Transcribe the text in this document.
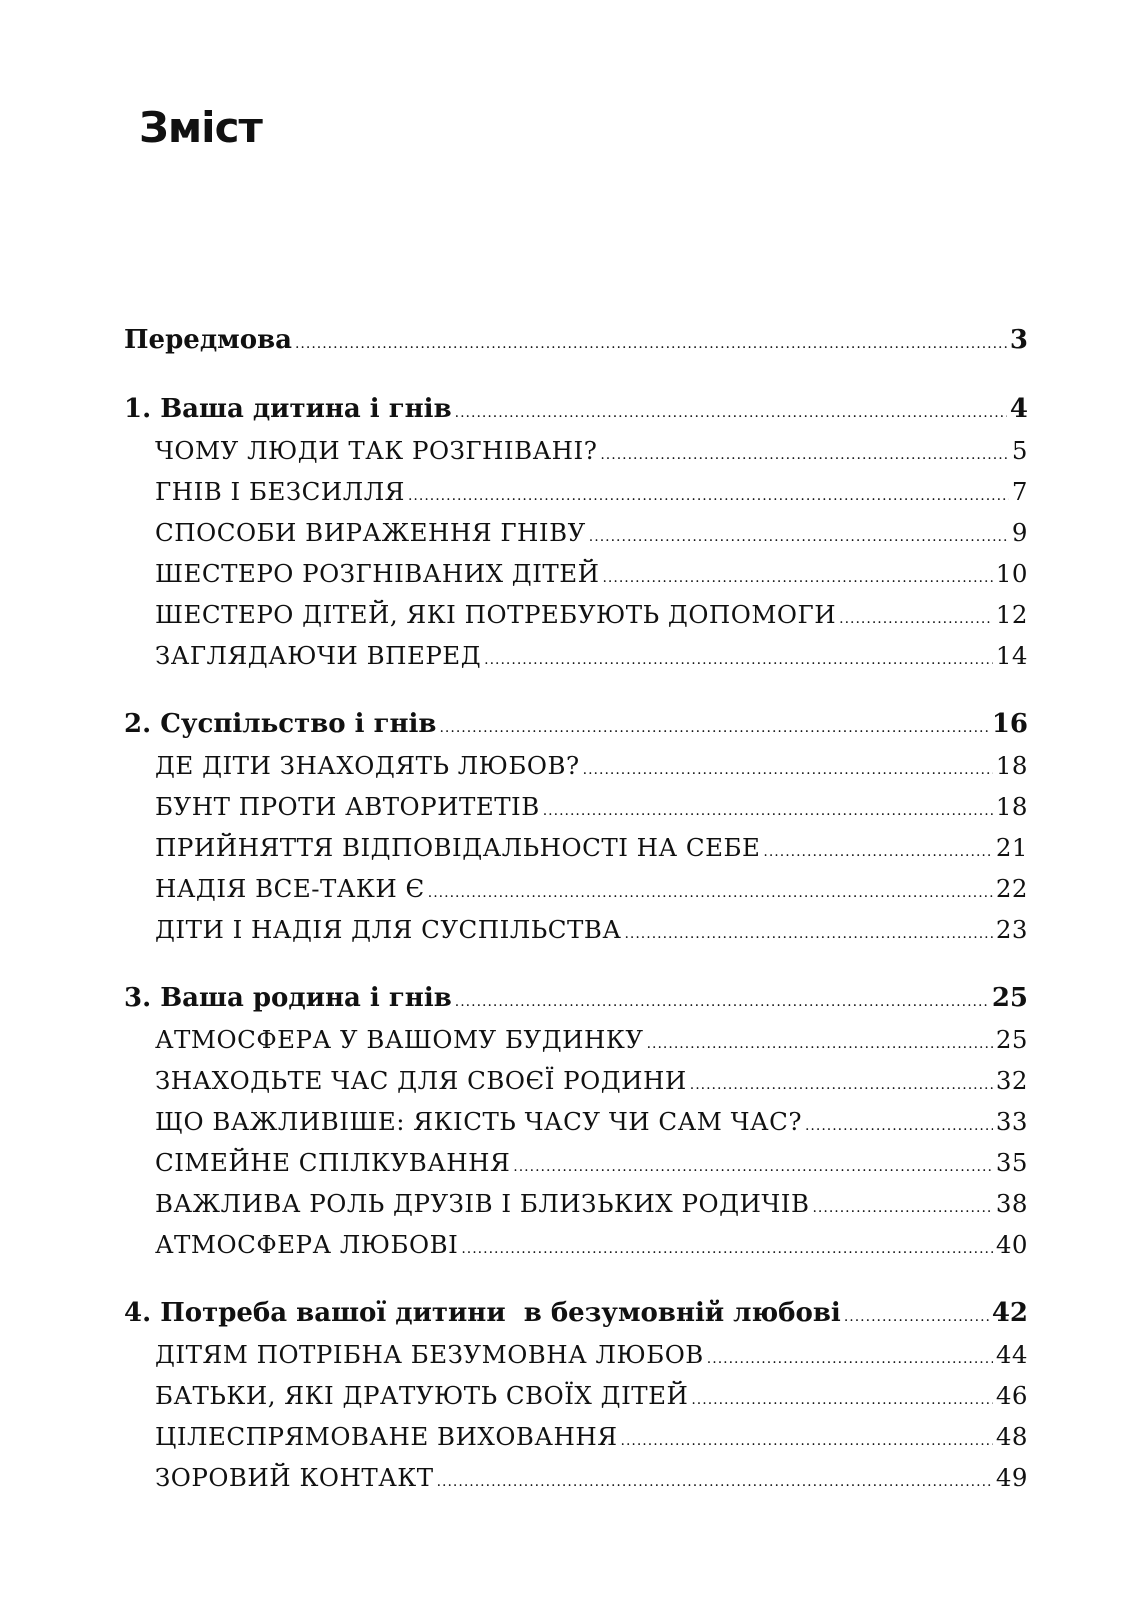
Зміст
Передмова .....	3
1. Ваша дитина і гнів .....	4
ЧОМУ ЛЮДИ ТАК РОЗГНІВАНІ? .....	5
ГНІВ І БЕЗСИЛЛЯ .....	7
СПОСОБИ ВИРАЖЕННЯ ГНІВУ .....	9
ШЕСТЕРО РОЗГНІВАНИХ ДІТЕЙ .....	10
ШЕСТЕРО ДІТЕЙ, ЯКІ ПОТРЕБУЮТЬ ДОПОМОГИ .....	12
ЗАГЛЯДАЮЧИ ВПЕРЕД .....	14
2. Суспільство і гнів .....	16
ДЕ ДІТИ ЗНАХОДЯТЬ ЛЮБОВ? .....	18
БУНТ ПРОТИ АВТОРИТЕТІВ .....	18
ПРИЙНЯТТЯ ВІДПОВІДАЛЬНОСТІ НА СЕБЕ .....	21
НАДІЯ ВСЕ-ТАКИ Є .....	22
ДІТИ І НАДІЯ ДЛЯ СУСПІЛЬСТВА .....	23
3. Ваша родина і гнів .....	25
АТМОСФЕРА У ВАШОМУ БУДИНКУ .....	25
ЗНАХОДЬТЕ ЧАС ДЛЯ СВОЄЇ РОДИНИ .....	32
ЩО ВАЖЛИВІШЕ: ЯКІСТЬ ЧАСУ ЧИ САМ ЧАС? .....	33
СІМЕЙНЕ СПІЛКУВАННЯ .....	35
ВАЖЛИВА РОЛЬ ДРУЗІВ І БЛИЗЬКИХ РОДИЧІВ .....	38
АТМОСФЕРА ЛЮБОВІ .....	40
4. Потреба вашої дитини  в безумовній любові .....	42
ДІТЯМ ПОТРІБНА БЕЗУМОВНА ЛЮБОВ .....	44
БАТЬКИ, ЯКІ ДРАТУЮТЬ СВОЇХ ДІТЕЙ .....	46
ЦІЛЕСПРЯМОВАНЕ ВИХОВАННЯ .....	48
ЗОРОВИЙ КОНТАКТ .....	49
